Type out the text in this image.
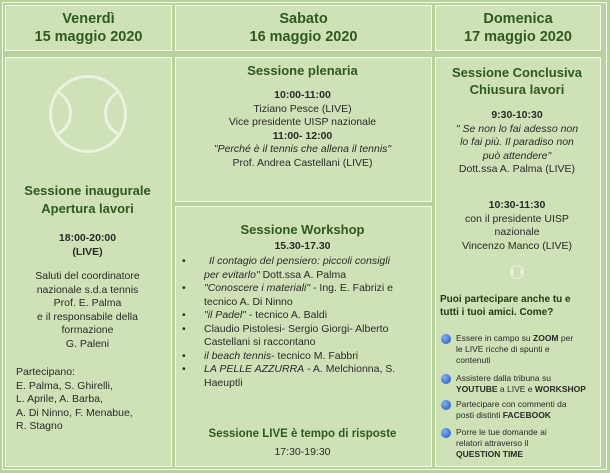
Venerdì
15 maggio 2020
Sabato
16 maggio 2020
Domenica
17 maggio 2020
Sessione inaugurale
Apertura lavori
18:00-20:00
(LIVE)
Saluti del coordinatore
nazionale s.d.a tennis
Prof. E. Palma
e il responsabile della
formazione
G. Paleni
Partecipano:
E. Palma, S. Ghirelli,
L. Aprile, A. Barba,
A. Di Ninno, F. Menabue,
R. Stagno
Sessione plenaria
10:00-11:00
Tiziano Pesce (LIVE)
Vice presidente UISP nazionale
11:00- 12:00
"Perché è il tennis che allena il tennis"
Prof. Andrea Castellani (LIVE)
Sessione Workshop
15.30-17.30
• Il contagio del pensiero: piccoli consigli
per evitarlo" Dott.ssa A. Palma
• "Conoscere i materiali" - Ing. E. Fabrizi e
tecnico A. Di Ninno
• "il Padel" - tecnico A. Baldi
• Claudio Pistolesi- Sergio Giorgi- Alberto
Castellani si raccontano
• il beach tennis- tecnico M. Fabbri
• LA PELLE AZZURRA - A. Melchionna, S.
Haeuptli
Sessione LIVE è tempo di risposte
17:30-19:30
Sessione Conclusiva
Chiusura lavori
9:30-10:30
" Se non lo fai adesso non
lo fai più. Il paradiso non
può attendere"
Dott.ssa A. Palma (LIVE)
10:30-11:30
con il presidente UISP
nazionale
Vincenzo Manco (LIVE)
Puoi partecipare anche tu e
tutti i tuoi amici. Come?
Essere in campo su ZOOM per
le LIVE ricche di spunti e
contenuti
Assistere dalla tribuna su
YOUTUBE a LIVE e WORKSHOP
Partecipare con commenti da
posti distinti FACEBOOK
Porre le tue domande ai
relatori attraverso il
QUESTION TIME
